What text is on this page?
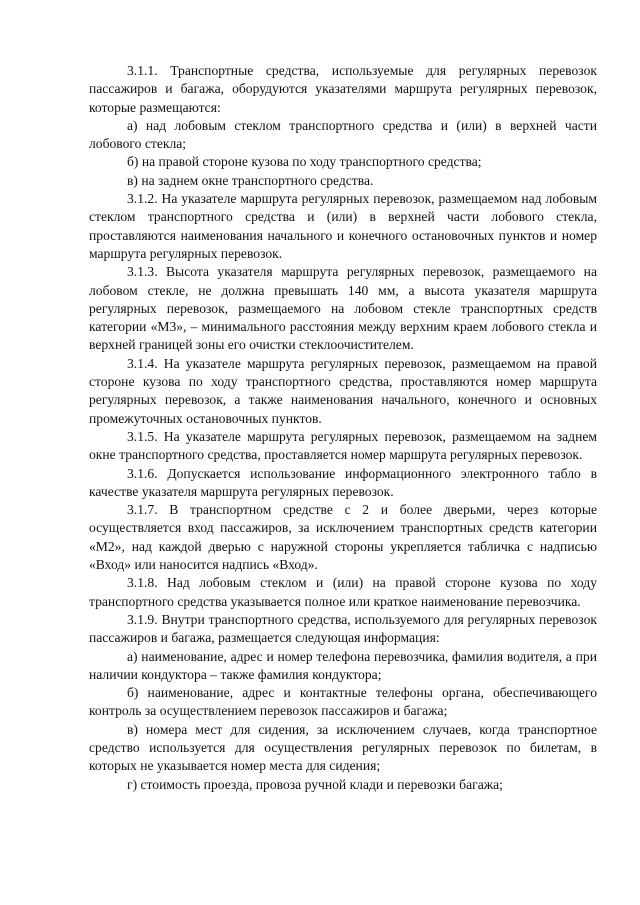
3.1.1. Транспортные средства, используемые для регулярных перевозок пассажиров и багажа, оборудуются указателями маршрута регулярных перевозок, которые размещаются:

а) над лобовым стеклом транспортного средства и (или) в верхней части лобового стекла;

б) на правой стороне кузова по ходу транспортного средства;

в) на заднем окне транспортного средства.

3.1.2. На указателе маршрута регулярных перевозок, размещаемом над лобовым стеклом транспортного средства и (или) в верхней части лобового стекла, проставляются наименования начального и конечного остановочных пунктов и номер маршрута регулярных перевозок.

3.1.3. Высота указателя маршрута регулярных перевозок, размещаемого на лобовом стекле, не должна превышать 140 мм, а высота указателя маршрута регулярных перевозок, размещаемого на лобовом стекле транспортных средств категории «М3», – минимального расстояния между верхним краем лобового стекла и верхней границей зоны его очистки стеклоочистителем.

3.1.4. На указателе маршрута регулярных перевозок, размещаемом на правой стороне кузова по ходу транспортного средства, проставляются номер маршрута регулярных перевозок, а также наименования начального, конечного и основных промежуточных остановочных пунктов.

3.1.5. На указателе маршрута регулярных перевозок, размещаемом на заднем окне транспортного средства, проставляется номер маршрута регулярных перевозок.

3.1.6. Допускается использование информационного электронного табло в качестве указателя маршрута регулярных перевозок.

3.1.7. В транспортном средстве с 2 и более дверьми, через которые осуществляется вход пассажиров, за исключением транспортных средств категории «М2», над каждой дверью с наружной стороны укрепляется табличка с надписью «Вход» или наносится надпись «Вход».

3.1.8. Над лобовым стеклом и (или) на правой стороне кузова по ходу транспортного средства указывается полное или краткое наименование перевозчика.

3.1.9. Внутри транспортного средства, используемого для регулярных перевозок пассажиров и багажа, размещается следующая информация:

а) наименование, адрес и номер телефона перевозчика, фамилия водителя, а при наличии кондуктора – также фамилия кондуктора;

б) наименование, адрес и контактные телефоны органа, обеспечивающего контроль за осуществлением перевозок пассажиров и багажа;

в) номера мест для сидения, за исключением случаев, когда транспортное средство используется для осуществления регулярных перевозок по билетам, в которых не указывается номер места для сидения;

г) стоимость проезда, провоза ручной клади и перевозки багажа;
